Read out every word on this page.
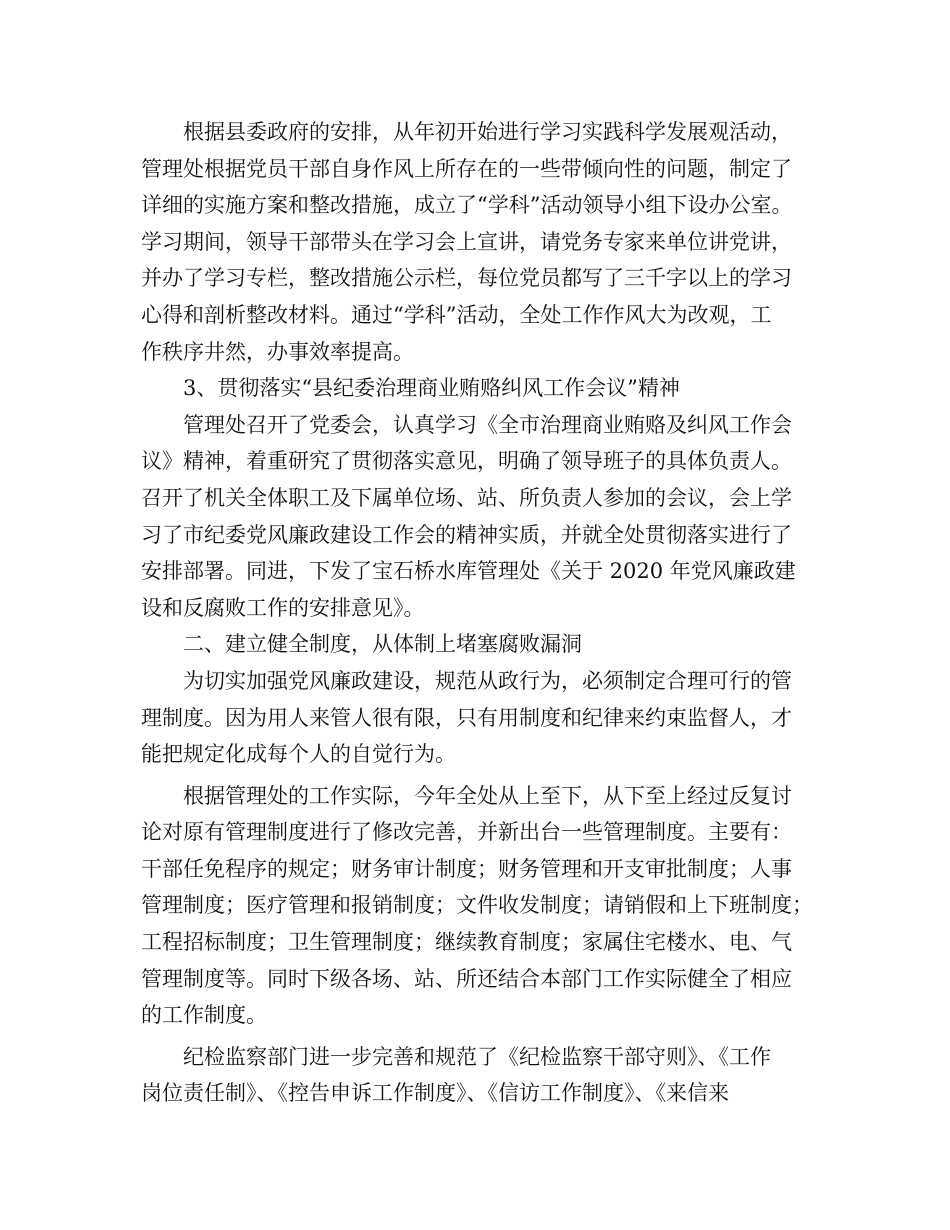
根据县委政府的安排，从年初开始进行学习实践科学发展观活动，
管理处根据党员干部自身作风上所存在的一些带倾向性的问题，制定了
详细的实施方案和整改措施，成立了“学科”活动领导小组下设办公室。
学习期间，领导干部带头在学习会上宣讲，请党务专家来单位讲党讲，
并办了学习专栏，整改措施公示栏，每位党员都写了三千字以上的学习
心得和剖析整改材料。通过“学科”活动，全处工作作风大为改观，工
作秩序井然，办事效率提高。
3、贯彻落实“县纪委治理商业贿赂纠风工作会议”精神
管理处召开了党委会，认真学习《全市治理商业贿赂及纠风工作会
议》精神，着重研究了贯彻落实意见，明确了领导班子的具体负责人。
召开了机关全体职工及下属单位场、站、所负责人参加的会议，会上学
习了市纪委党风廉政建设工作会的精神实质，并就全处贯彻落实进行了
安排部署。同进，下发了宝石桥水库管理处《关于 2020 年党风廉政建
设和反腐败工作的安排意见》。
二、建立健全制度，从体制上堵塞腐败漏洞
为切实加强党风廉政建设，规范从政行为，必须制定合理可行的管
理制度。因为用人来管人很有限，只有用制度和纪律来约束监督人，才
能把规定化成每个人的自觉行为。
根据管理处的工作实际，今年全处从上至下，从下至上经过反复讨
论对原有管理制度进行了修改完善，并新出台一些管理制度。主要有：
干部任免程序的规定；财务审计制度；财务管理和开支审批制度；人事
管理制度；医疗管理和报销制度；文件收发制度；请销假和上下班制度；
工程招标制度；卫生管理制度；继续教育制度；家属住宅楼水、电、气
管理制度等。同时下级各场、站、所还结合本部门工作实际健全了相应
的工作制度。
纪检监察部门进一步完善和规范了《纪检监察干部守则》、《工作
岗位责任制》、《控告申诉工作制度》、《信访工作制度》、《来信来
